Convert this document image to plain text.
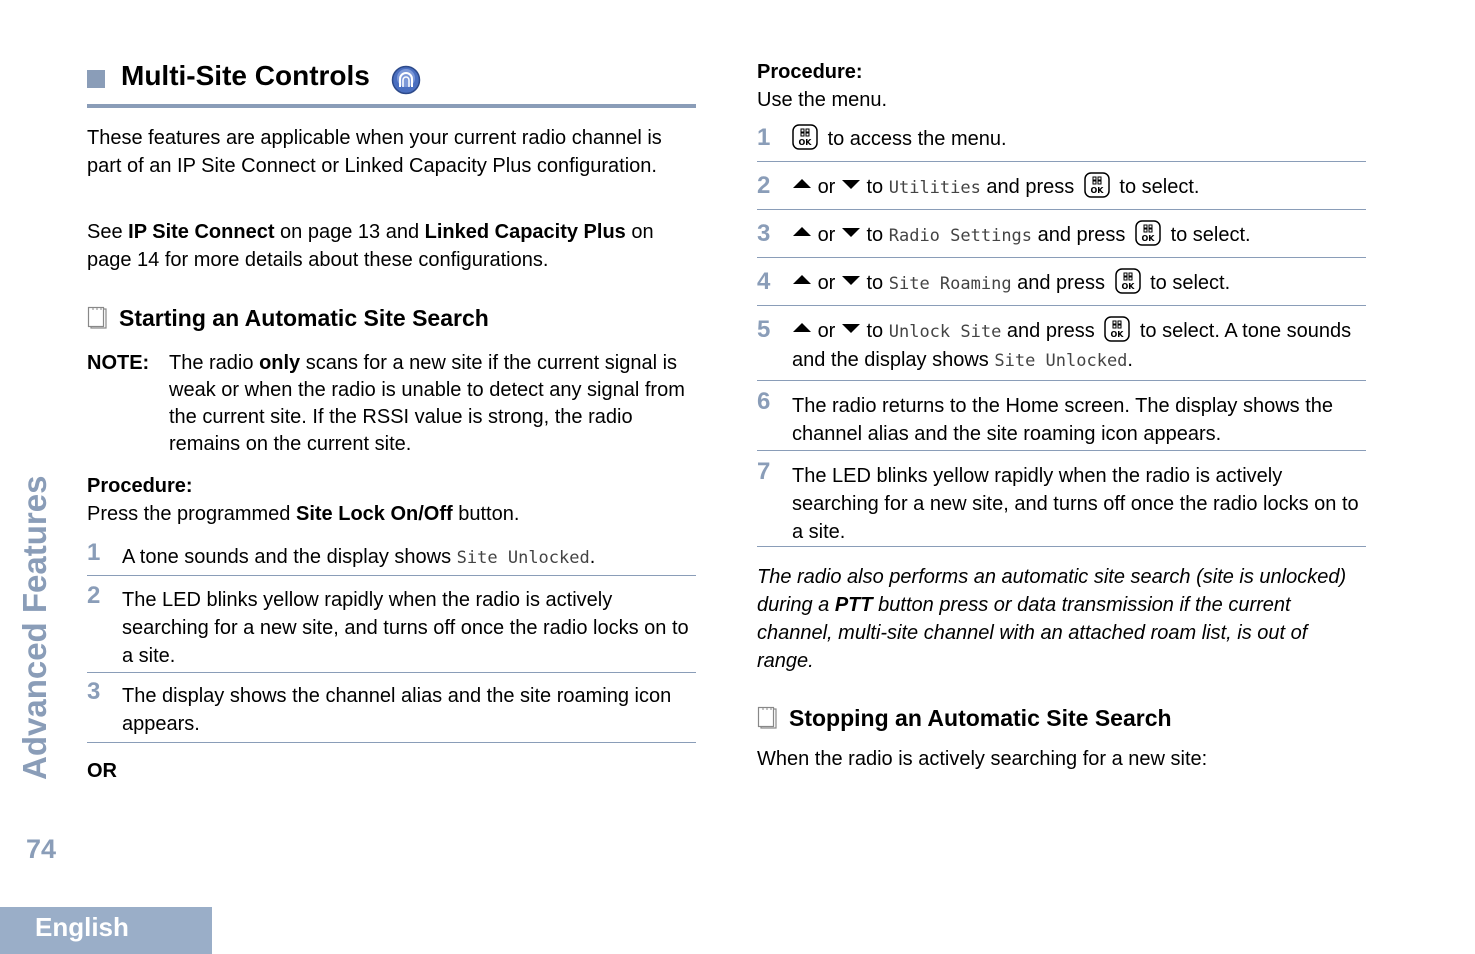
Advanced Features
74
English
Multi-Site Controls
These features are applicable when your current radio channel is part of an IP Site Connect or Linked Capacity Plus configuration.
See IP Site Connect on page 13 and Linked Capacity Plus on page 14 for more details about these configurations.
Starting an Automatic Site Search
NOTE: The radio only scans for a new site if the current signal is weak or when the radio is unable to detect any signal from the current site. If the RSSI value is strong, the radio remains on the current site.
Procedure:
Press the programmed Site Lock On/Off button.
1 A tone sounds and the display shows Site Unlocked.
2 The LED blinks yellow rapidly when the radio is actively searching for a new site, and turns off once the radio locks on to a site.
3 The display shows the channel alias and the site roaming icon appears.
OR
Procedure:
Use the menu.
1	OK to access the menu.
2	or to Utilities and press OK to select.
3	or to Radio Settings and press OK to select.
4	or to Site Roaming and press OK to select.
5	or to Unlock Site and press OK to select. A tone sounds and the display shows Site Unlocked.
6 The radio returns to the Home screen. The display shows the channel alias and the site roaming icon appears.
7 The LED blinks yellow rapidly when the radio is actively searching for a new site, and turns off once the radio locks on to a site.
The radio also performs an automatic site search (site is unlocked) during a PTT button press or data transmission if the current channel, multi-site channel with an attached roam list, is out of range.
Stopping an Automatic Site Search
When the radio is actively searching for a new site:
